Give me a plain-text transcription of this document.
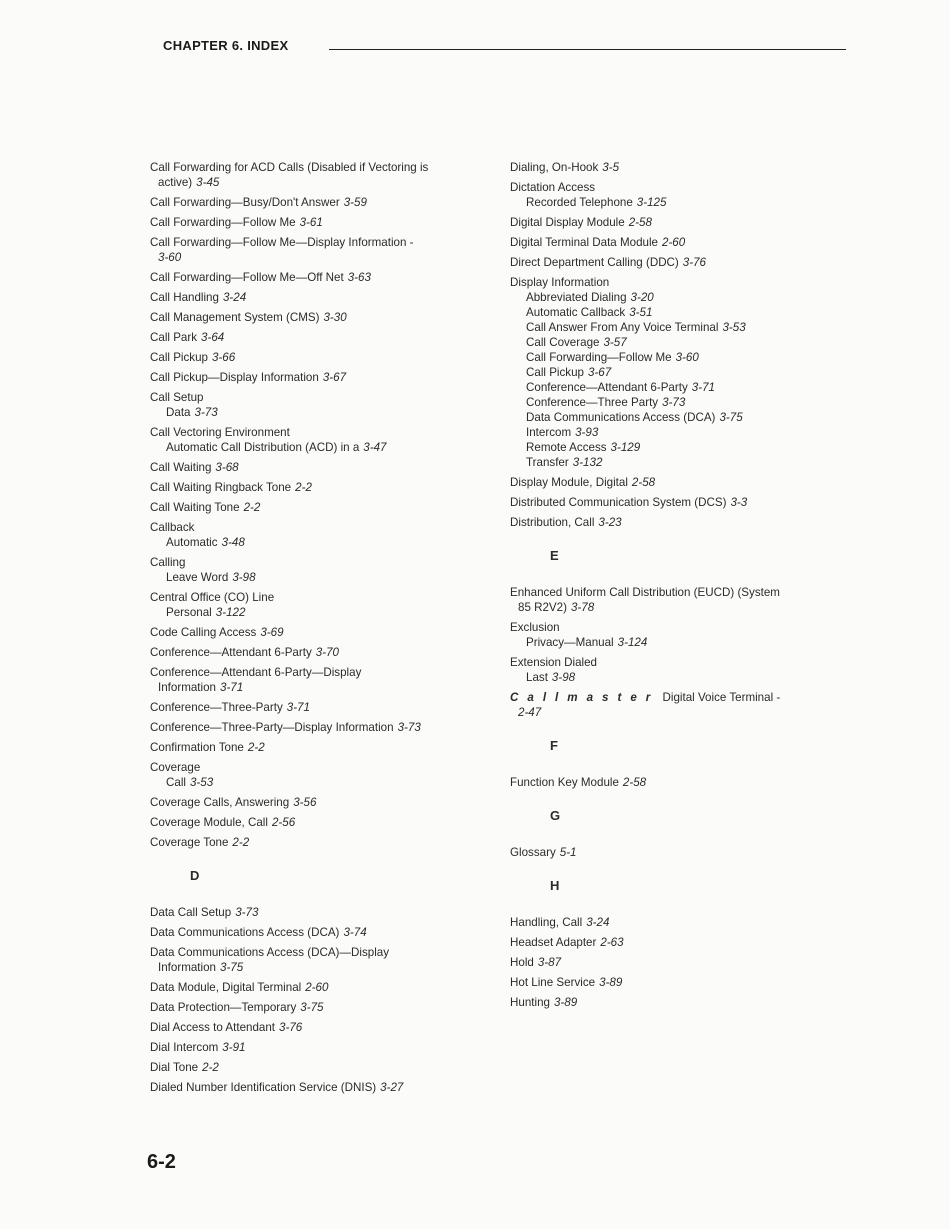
CHAPTER 6. INDEX
Call Forwarding for ACD Calls (Disabled if Vectoring is
active) 3-45
Call Forwarding—Busy/Don't Answer 3-59
Call Forwarding—Follow Me 3-61
Call Forwarding—Follow Me—Display Information -
3-60
Call Forwarding—Follow Me—Off Net 3-63
Call Handling 3-24
Call Management System (CMS) 3-30
Call Park 3-64
Call Pickup 3-66
Call Pickup—Display Information 3-67
Call Setup
Data 3-73
Call Vectoring Environment
Automatic Call Distribution (ACD) in a 3-47
Call Waiting 3-68
Call Waiting Ringback Tone 2-2
Call Waiting Tone 2-2
Callback
Automatic 3-48
Calling
Leave Word 3-98
Central Office (CO) Line
Personal 3-122
Code Calling Access 3-69
Conference—Attendant 6-Party 3-70
Conference—Attendant 6-Party—Display
Information 3-71
Conference—Three-Party 3-71
Conference—Three-Party—Display Information 3-73
Confirmation Tone 2-2
Coverage
Call 3-53
Coverage Calls, Answering 3-56
Coverage Module, Call 2-56
Coverage Tone 2-2
D
Data Call Setup 3-73
Data Communications Access (DCA) 3-74
Data Communications Access (DCA)—Display
Information 3-75
Data Module, Digital Terminal 2-60
Data Protection—Temporary 3-75
Dial Access to Attendant 3-76
Dial Intercom 3-91
Dial Tone 2-2
Dialed Number Identification Service (DNIS) 3-27
Dialing, On-Hook 3-5
Dictation Access
Recorded Telephone 3-125
Digital Display Module 2-58
Digital Terminal Data Module 2-60
Direct Department Calling (DDC) 3-76
Display Information
Abbreviated Dialing 3-20
Automatic Callback 3-51
Call Answer From Any Voice Terminal 3-53
Call Coverage 3-57
Call Forwarding—Follow Me 3-60
Call Pickup 3-67
Conference—Attendant 6-Party 3-71
Conference—Three Party 3-73
Data Communications Access (DCA) 3-75
Intercom 3-93
Remote Access 3-129
Transfer 3-132
Display Module, Digital 2-58
Distributed Communication System (DCS) 3-3
Distribution, Call 3-23
E
Enhanced Uniform Call Distribution (EUCD) (System
85 R2V2) 3-78
Exclusion
Privacy—Manual 3-124
Extension Dialed
Last 3-98
Callmaster Digital Voice Terminal -
2-47
F
Function Key Module 2-58
G
Glossary 5-1
H
Handling, Call 3-24
Headset Adapter 2-63
Hold 3-87
Hot Line Service 3-89
Hunting 3-89
6-2
